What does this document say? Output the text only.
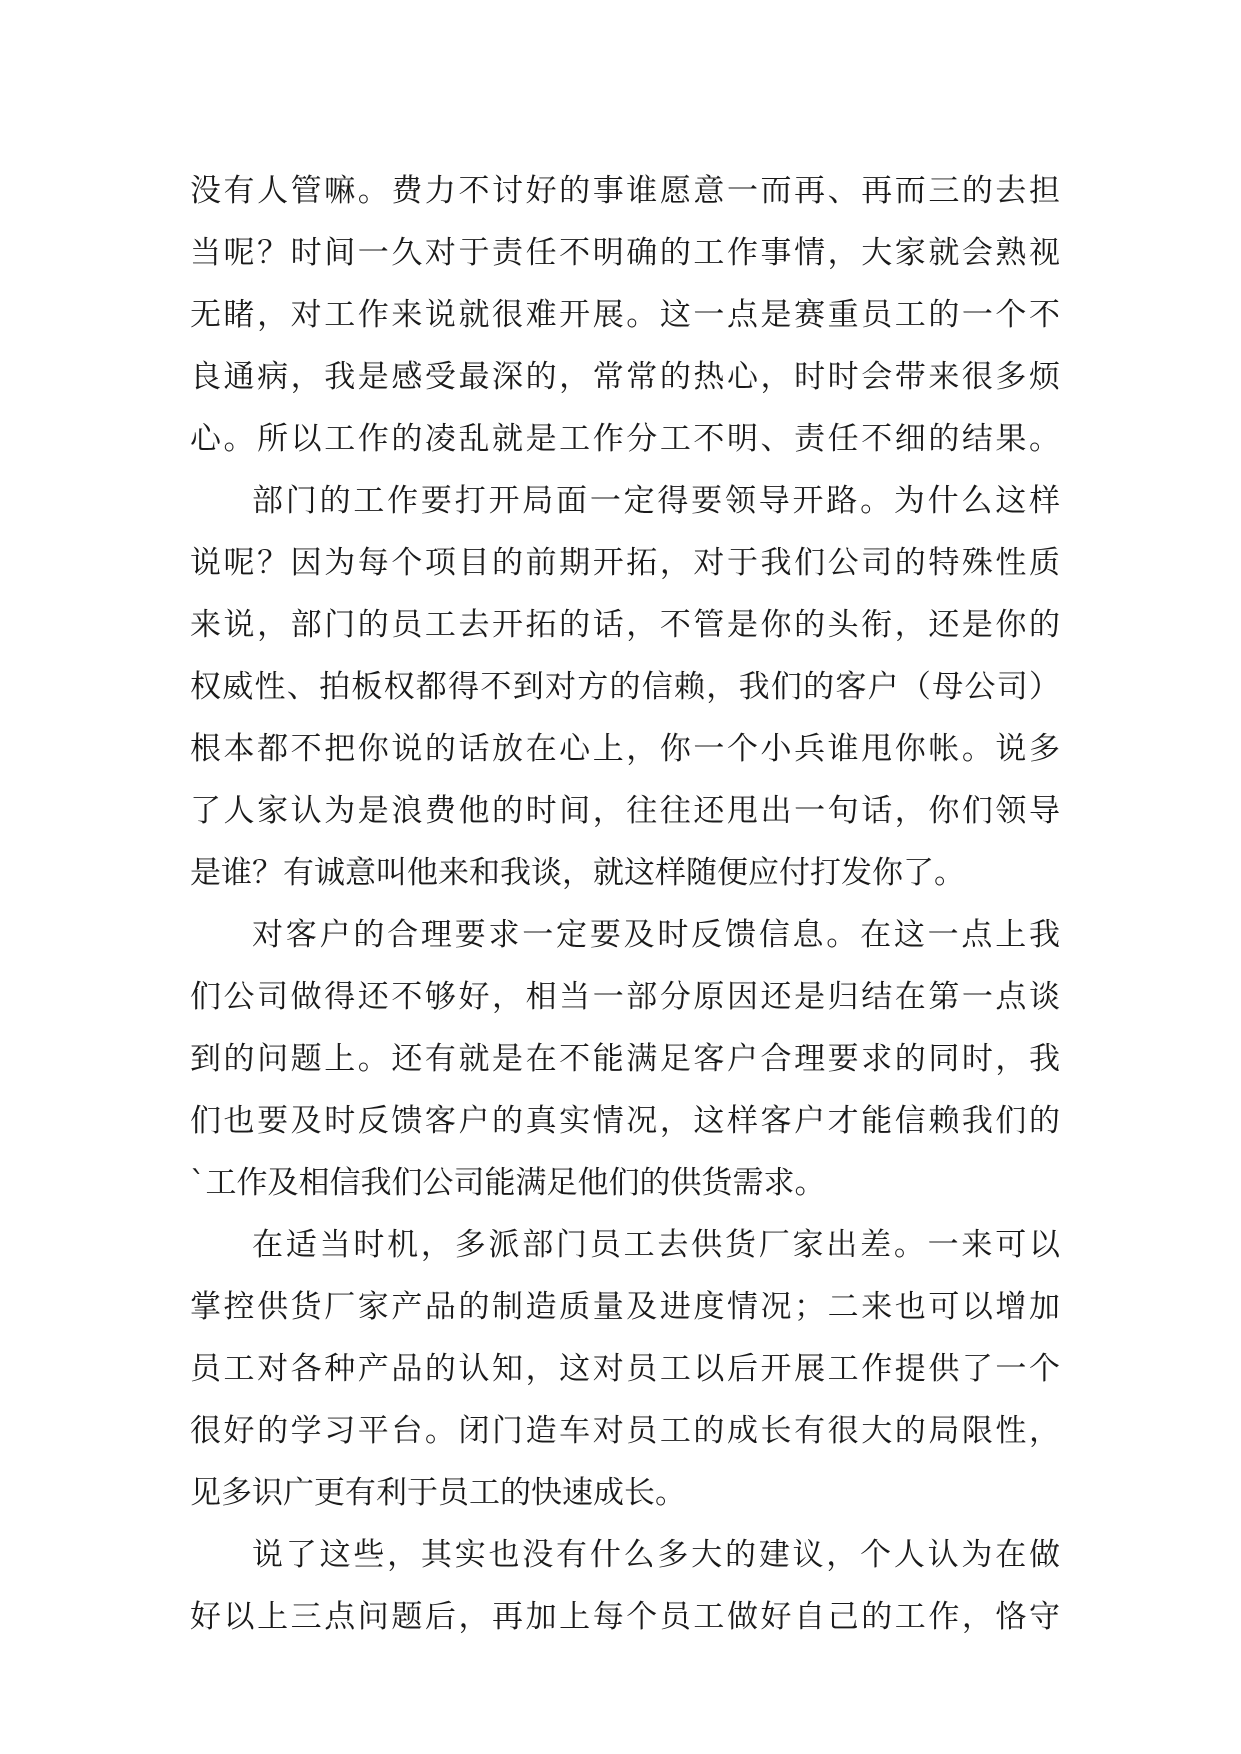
没有人管嘛。费力不讨好的事谁愿意一而再、再而三的去担
当呢？时间一久对于责任不明确的工作事情，大家就会熟视
无睹，对工作来说就很难开展。这一点是赛重员工的一个不
良通病，我是感受最深的，常常的热心，时时会带来很多烦
心。所以工作的凌乱就是工作分工不明、责任不细的结果。
部门的工作要打开局面一定得要领导开路。为什么这样
说呢？因为每个项目的前期开拓，对于我们公司的特殊性质
来说，部门的员工去开拓的话，不管是你的头衔，还是你的
权威性、拍板权都得不到对方的信赖，我们的客户（母公司）
根本都不把你说的话放在心上，你一个小兵谁甩你帐。说多
了人家认为是浪费他的时间，往往还甩出一句话，你们领导
是谁？有诚意叫他来和我谈，就这样随便应付打发你了。
对客户的合理要求一定要及时反馈信息。在这一点上我
们公司做得还不够好，相当一部分原因还是归结在第一点谈
到的问题上。还有就是在不能满足客户合理要求的同时，我
们也要及时反馈客户的真实情况，这样客户才能信赖我们的
`工作及相信我们公司能满足他们的供货需求。
在适当时机，多派部门员工去供货厂家出差。一来可以
掌控供货厂家产品的制造质量及进度情况；二来也可以增加
员工对各种产品的认知，这对员工以后开展工作提供了一个
很好的学习平台。闭门造车对员工的成长有很大的局限性，
见多识广更有利于员工的快速成长。
说了这些，其实也没有什么多大的建议，个人认为在做
好以上三点问题后，再加上每个员工做好自己的工作，恪守
